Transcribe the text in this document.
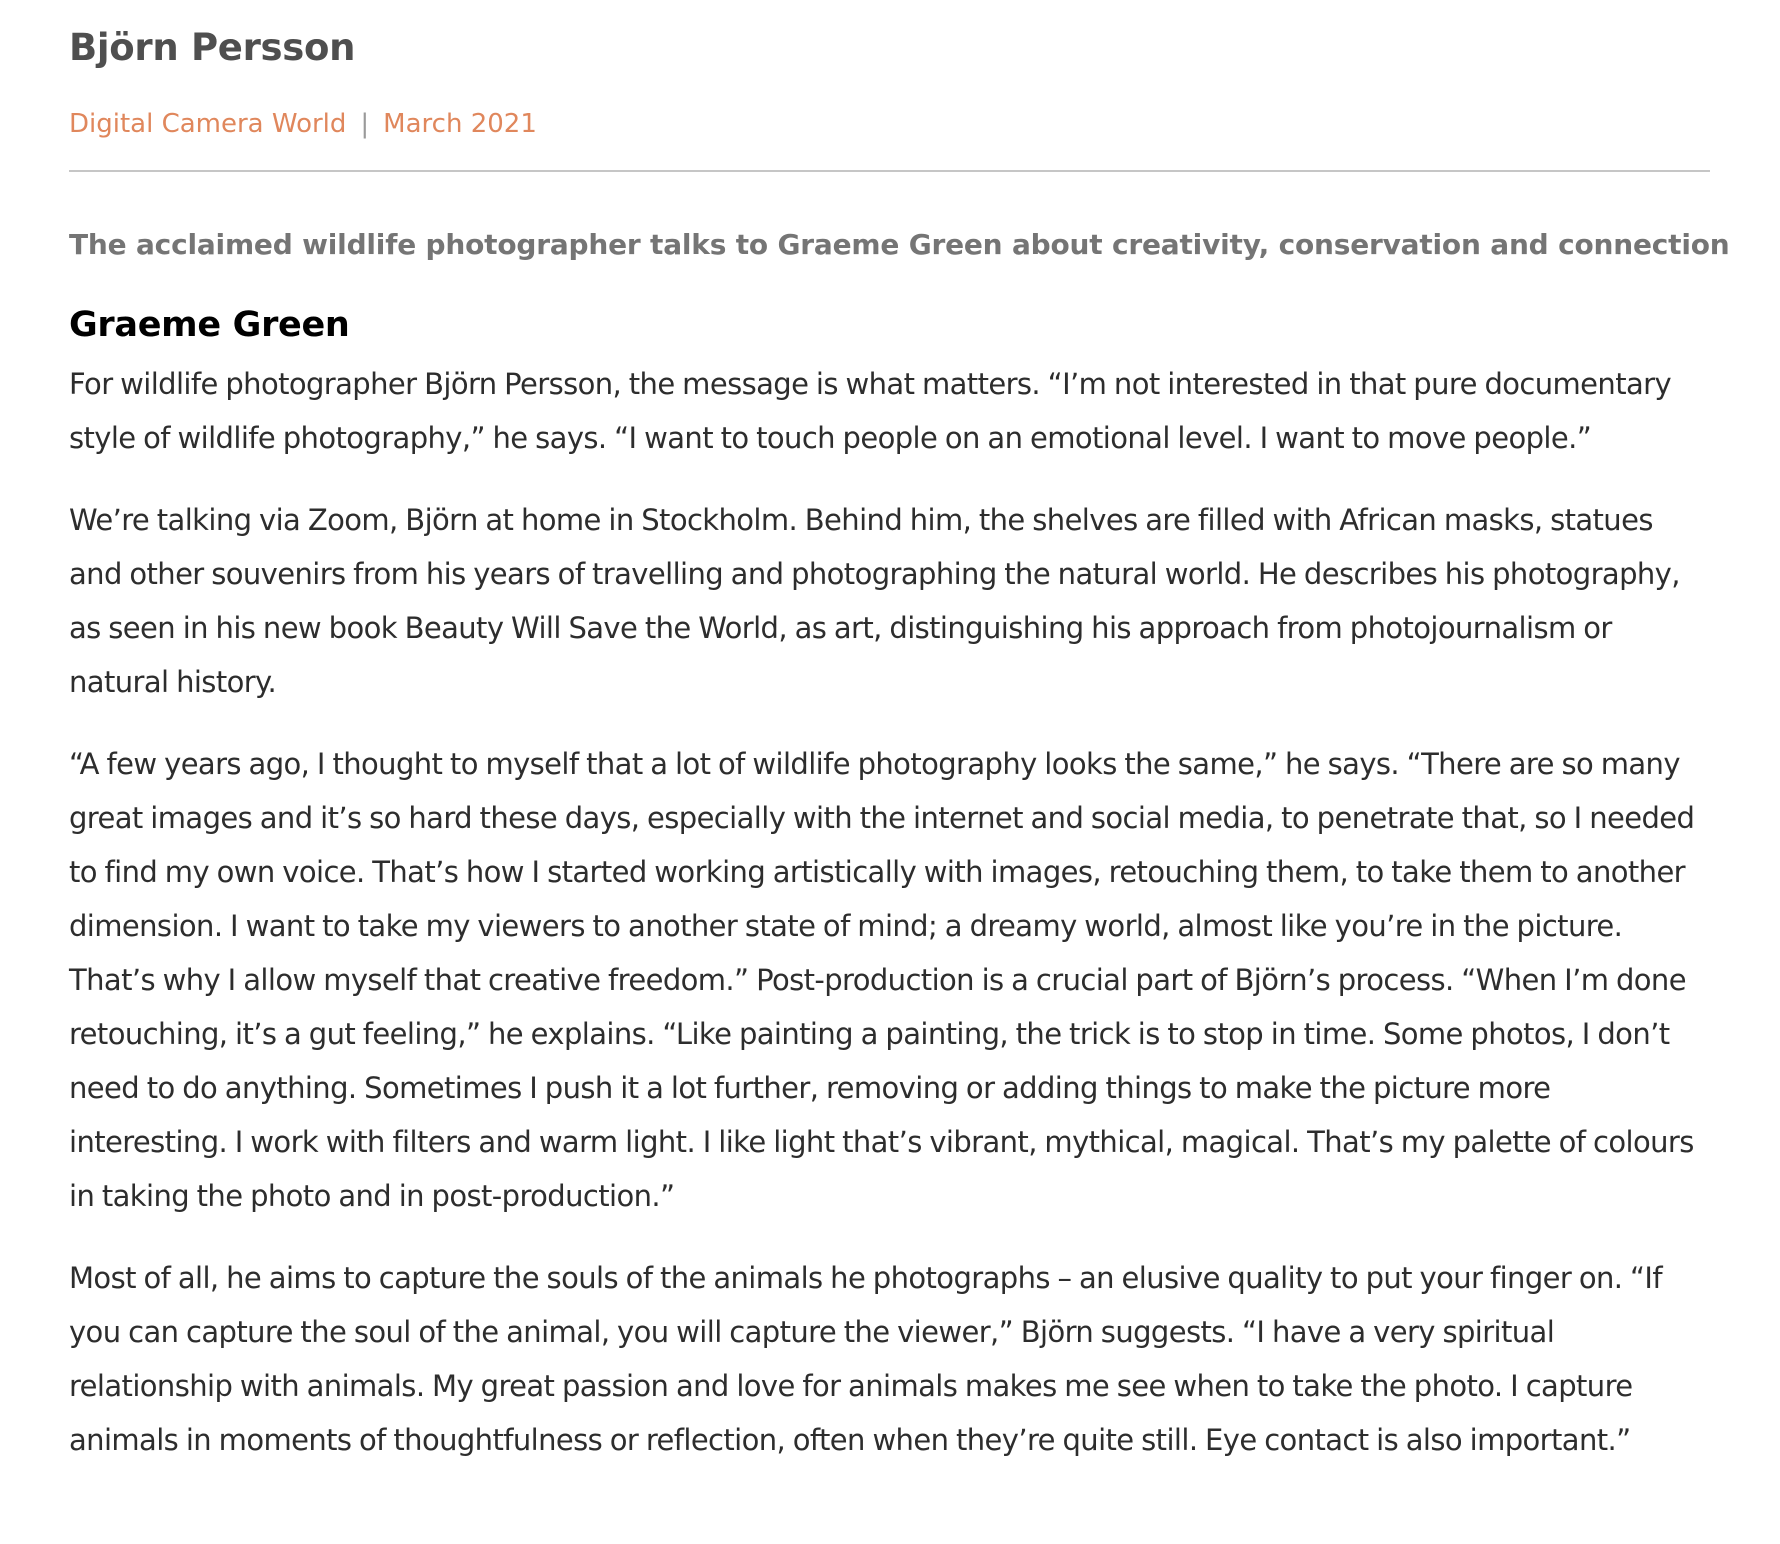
Björn Persson
Digital Camera World | March 2021

The acclaimed wildlife photographer talks to Graeme Green about creativity, conservation and connection

Graeme Green

For wildlife photographer Björn Persson, the message is what matters. “I’m not interested in that pure documentary style of wildlife photography,” he says. “I want to touch people on an emotional level. I want to move people.”

We’re talking via Zoom, Björn at home in Stockholm. Behind him, the shelves are filled with African masks, statues and other souvenirs from his years of travelling and photographing the natural world. He describes his photography, as seen in his new book Beauty Will Save the World, as art, distinguishing his approach from photojournalism or natural history.

“A few years ago, I thought to myself that a lot of wildlife photography looks the same,” he says. “There are so many great images and it’s so hard these days, especially with the internet and social media, to penetrate that, so I needed to find my own voice. That’s how I started working artistically with images, retouching them, to take them to another dimension. I want to take my viewers to another state of mind; a dreamy world, almost like you’re in the picture. That’s why I allow myself that creative freedom.” Post-production is a crucial part of Björn’s process. “When I’m done retouching, it’s a gut feeling,” he explains. “Like painting a painting, the trick is to stop in time. Some photos, I don’t need to do anything. Sometimes I push it a lot further, removing or adding things to make the picture more interesting. I work with filters and warm light. I like light that’s vibrant, mythical, magical. That’s my palette of colours in taking the photo and in post-production.”

Most of all, he aims to capture the souls of the animals he photographs – an elusive quality to put your finger on. “If you can capture the soul of the animal, you will capture the viewer,” Björn suggests. “I have a very spiritual relationship with animals. My great passion and love for animals makes me see when to take the photo. I capture animals in moments of thoughtfulness or reflection, often when they’re quite still. Eye contact is also important.”
